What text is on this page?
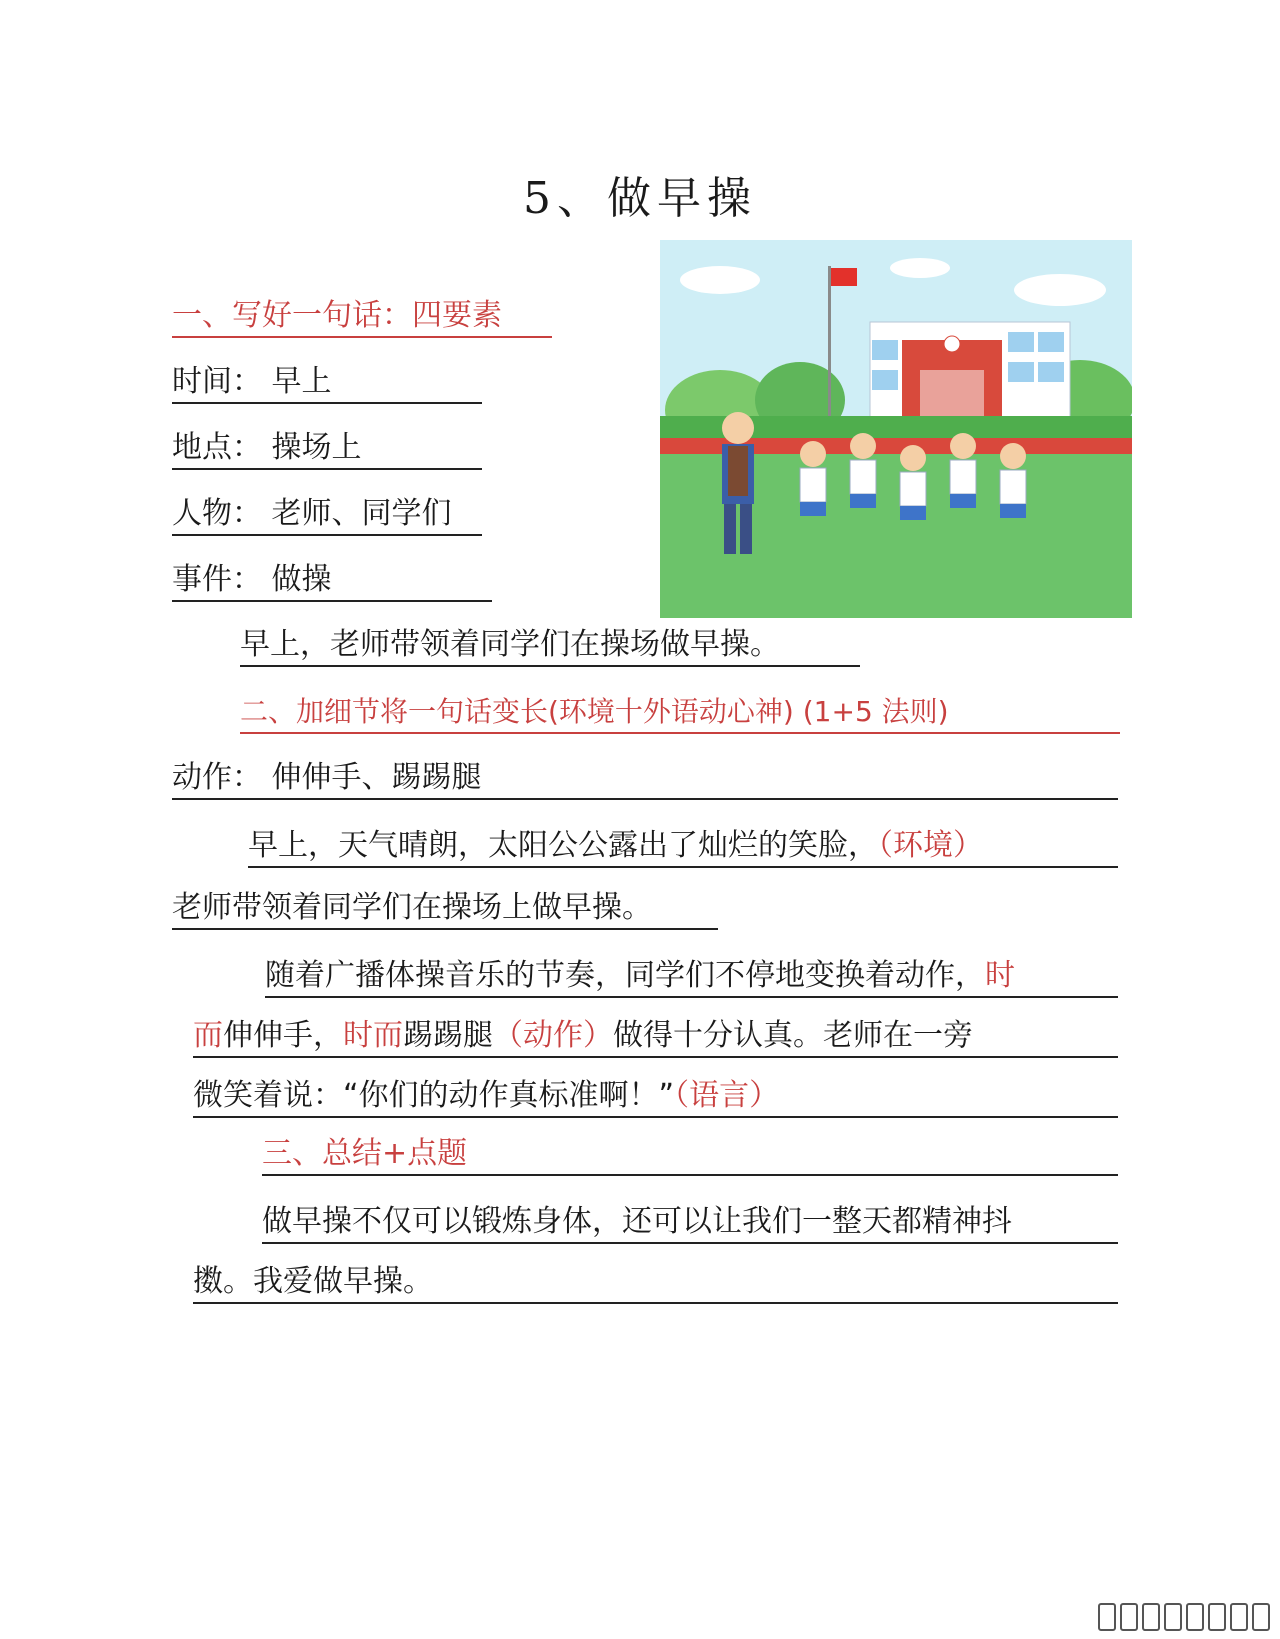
5、做早操
一、写好一句话：四要素
时间： 早上
地点： 操场上
人物： 老师、同学们
事件： 做操
早上，老师带领着同学们在操场做早操。
二、加细节将一句话变长(环境十外语动心神) (1+5 法则)
动作： 伸伸手、踢踢腿
早上，天气晴朗，太阳公公露出了灿烂的笑脸，（环境）
老师带领着同学们在操场上做早操。
随着广播体操音乐的节奏，同学们不停地变换着动作，时
而伸伸手，时而踢踢腿（动作）做得十分认真。老师在一旁
微笑着说：“你们的动作真标准啊！”（语言）
三、总结+点题
做早操不仅可以锻炼身体，还可以让我们一整天都精神抖
擞。我爱做早操。
